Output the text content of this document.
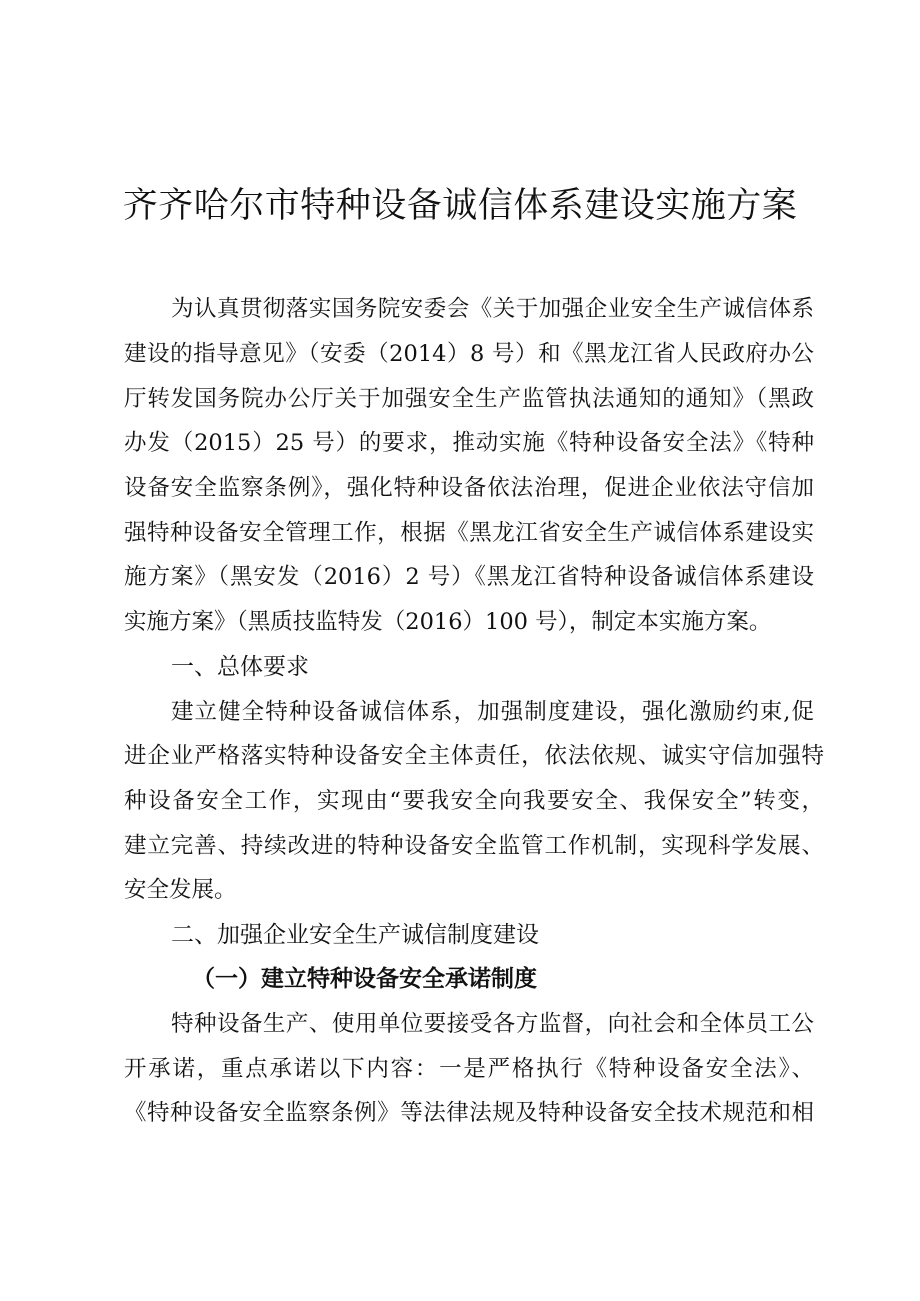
齐齐哈尔市特种设备诚信体系建设实施方案

为认真贯彻落实国务院安委会《关于加强企业安全生产诚信体系

建设的指导意见》（安委（2014）8 号）和《黑龙江省人民政府办公

厅转发国务院办公厅关于加强安全生产监管执法通知的通知》（黑政

办发（2015）25 号）的要求，推动实施《特种设备安全法》《特种

设备安全监察条例》，强化特种设备依法治理，促进企业依法守信加

强特种设备安全管理工作，根据《黑龙江省安全生产诚信体系建设实

施方案》（黑安发（2016）2 号）《黑龙江省特种设备诚信体系建设

实施方案》（黑质技监特发（2016）100 号），制定本实施方案。

一、总体要求

建立健全特种设备诚信体系，加强制度建设，强化激励约束,促

进企业严格落实特种设备安全主体责任，依法依规、诚实守信加强特

种设备安全工作，实现由“要我安全向我要安全、我保安全”转变，

建立完善、持续改进的特种设备安全监管工作机制，实现科学发展、

安全发展。

二、加强企业安全生产诚信制度建设
（一）建立特种设备安全承诺制度

特种设备生产、使用单位要接受各方监督，向社会和全体员工公

开承诺，重点承诺以下内容：一是严格执行《特种设备安全法》、

《特种设备安全监察条例》等法律法规及特种设备安全技术规范和相
